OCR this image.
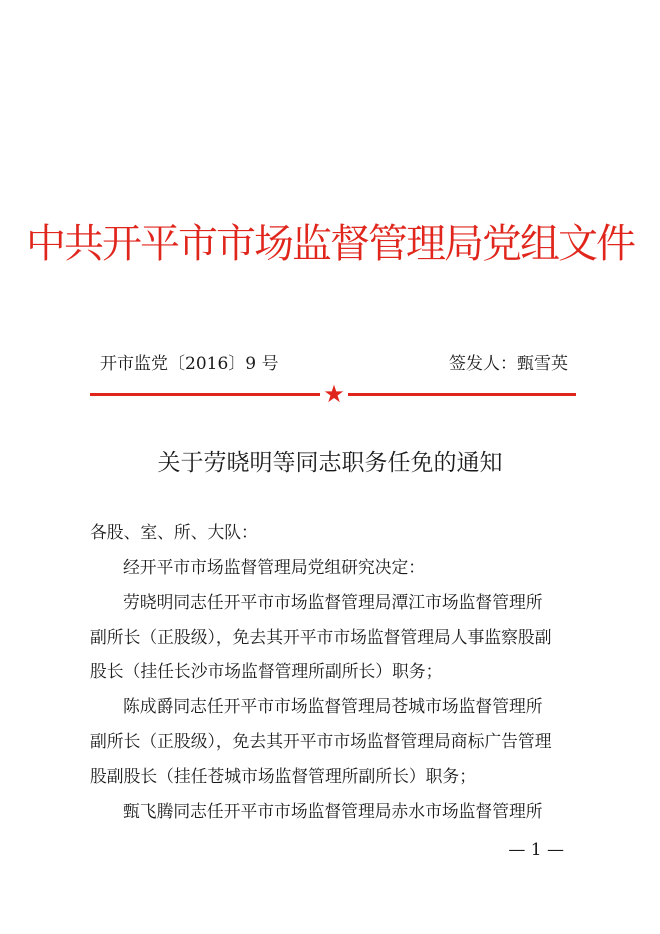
中共开平市市场监督管理局党组文件
开市监党〔2016〕9 号	签发人：甄雪英
★
关于劳晓明等同志职务任免的通知
各股、室、所、大队：

经开平市市场监督管理局党组研究决定：

劳晓明同志任开平市市场监督管理局潭江市场监督管理所

副所长（正股级），免去其开平市市场监督管理局人事监察股副

股长（挂任长沙市场监督管理所副所长）职务；

陈成爵同志任开平市市场监督管理局苍城市场监督管理所

副所长（正股级），免去其开平市市场监督管理局商标广告管理

股副股长（挂任苍城市场监督管理所副所长）职务；

甄飞腾同志任开平市市场监督管理局赤水市场监督管理所

— 1 —
